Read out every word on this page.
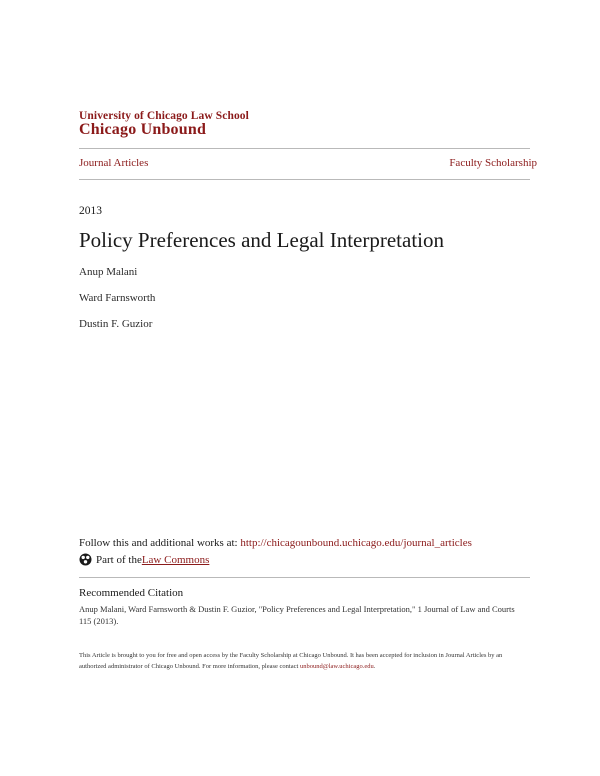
University of Chicago Law School
Chicago Unbound
Journal Articles	Faculty Scholarship
2013
Policy Preferences and Legal Interpretation
Anup Malani
Ward Farnsworth
Dustin F. Guzior
Follow this and additional works at: http://chicagounbound.uchicago.edu/journal_articles
Part of the Law Commons
Recommended Citation
Anup Malani, Ward Farnsworth & Dustin F. Guzior, "Policy Preferences and Legal Interpretation," 1 Journal of Law and Courts 115 (2013).
This Article is brought to you for free and open access by the Faculty Scholarship at Chicago Unbound. It has been accepted for inclusion in Journal Articles by an authorized administrator of Chicago Unbound. For more information, please contact unbound@law.uchicago.edu.
